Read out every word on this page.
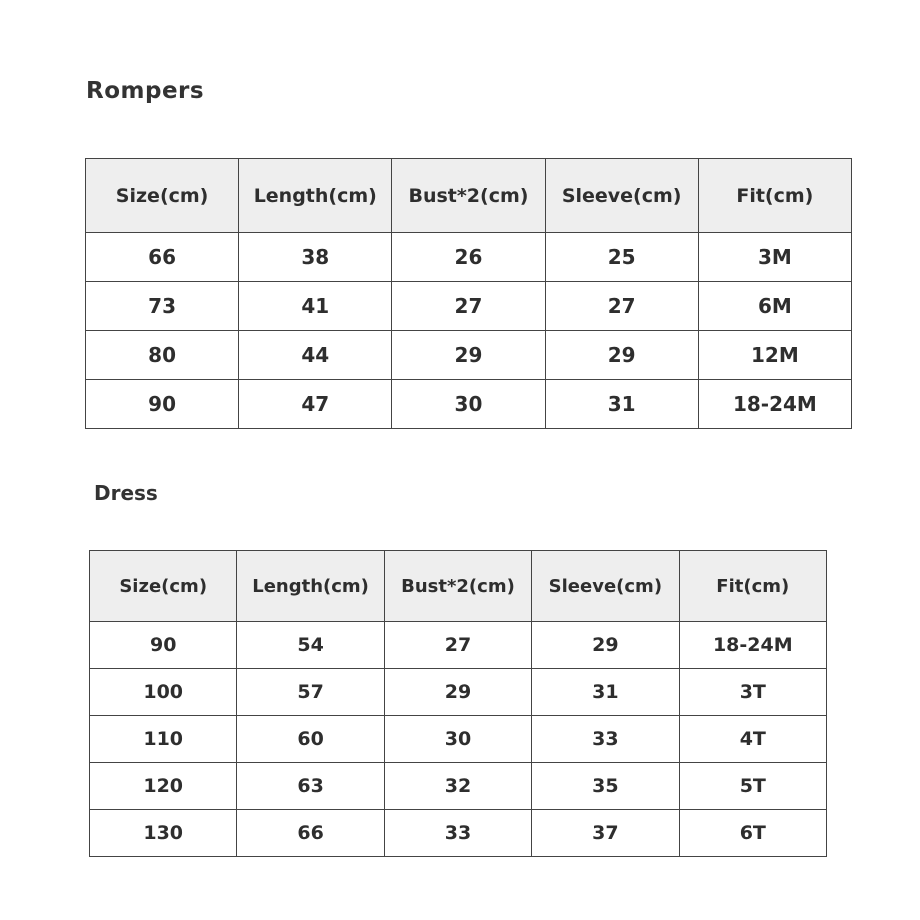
Rompers
Size(cm)	Length(cm)	Bust*2(cm)	Sleeve(cm)	Fit(cm)
66	38	26	25	3M
73	41	27	27	6M
80	44	29	29	12M
90	47	30	31	18-24M
Dress
Size(cm)	Length(cm)	Bust*2(cm)	Sleeve(cm)	Fit(cm)
90	54	27	29	18-24M
100	57	29	31	3T
110	60	30	33	4T
120	63	32	35	5T
130	66	33	37	6T
